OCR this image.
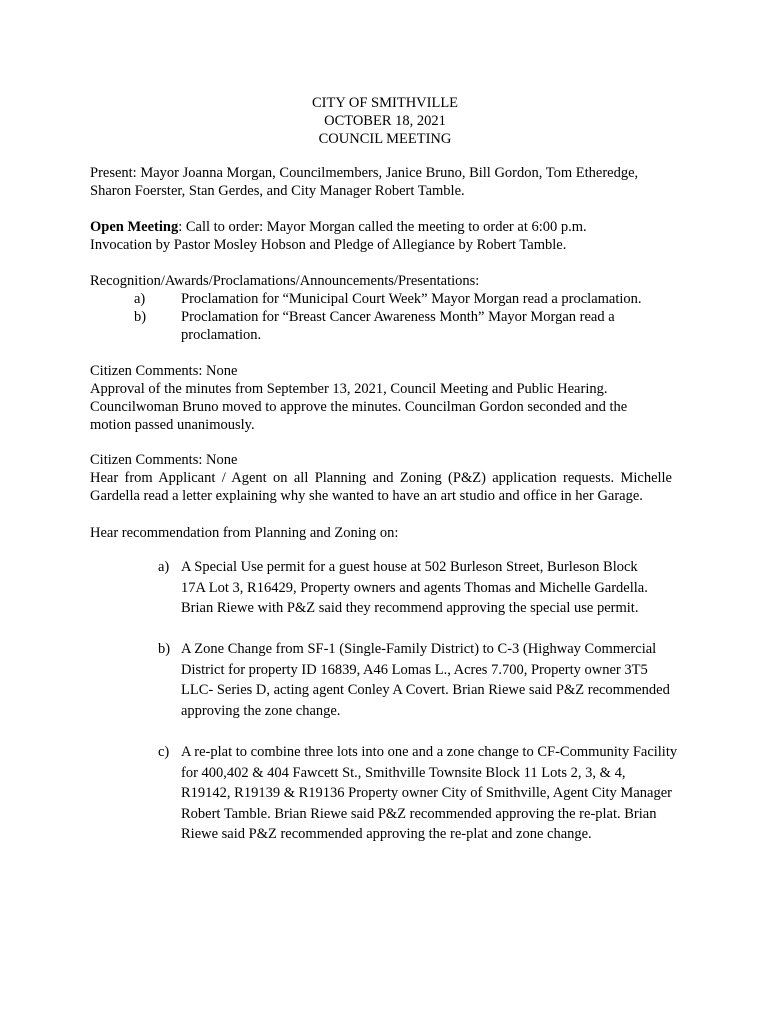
CITY OF SMITHVILLE
OCTOBER 18, 2021
COUNCIL MEETING

Present: Mayor Joanna Morgan, Councilmembers, Janice Bruno, Bill Gordon, Tom Etheredge, Sharon Foerster, Stan Gerdes, and City Manager Robert Tamble.

Open Meeting: Call to order: Mayor Morgan called the meeting to order at 6:00 p.m.

Invocation by Pastor Mosley Hobson and Pledge of Allegiance by Robert Tamble.

Recognition/Awards/Proclamations/Announcements/Presentations:

a) Proclamation for “Municipal Court Week” Mayor Morgan read a proclamation.
b) Proclamation for “Breast Cancer Awareness Month” Mayor Morgan read a proclamation.

Citizen Comments: None

Approval of the minutes from September 13, 2021, Council Meeting and Public Hearing.

Councilwoman Bruno moved to approve the minutes. Councilman Gordon seconded and the motion passed unanimously.

Citizen Comments: None

Hear from Applicant / Agent on all Planning and Zoning (P&Z) application requests. Michelle Gardella read a letter explaining why she wanted to have an art studio and office in her Garage.

Hear recommendation from Planning and Zoning on:

a) A Special Use permit for a guest house at 502 Burleson Street, Burleson Block 17A Lot 3, R16429, Property owners and agents Thomas and Michelle Gardella. Brian Riewe with P&Z said they recommend approving the special use permit.
b) A Zone Change from SF-1 (Single-Family District) to C-3 (Highway Commercial District for property ID 16839, A46 Lomas L., Acres 7.700, Property owner 3T5 LLC- Series D, acting agent Conley A Covert. Brian Riewe said P&Z recommended approving the zone change.
c) A re-plat to combine three lots into one and a zone change to CF-Community Facility for 400,402 & 404 Fawcett St., Smithville Townsite Block 11 Lots 2, 3, & 4, R19142, R19139 & R19136 Property owner City of Smithville, Agent City Manager Robert Tamble. Brian Riewe said P&Z recommended approving the re-plat. Brian Riewe said P&Z recommended approving the re-plat and zone change.
